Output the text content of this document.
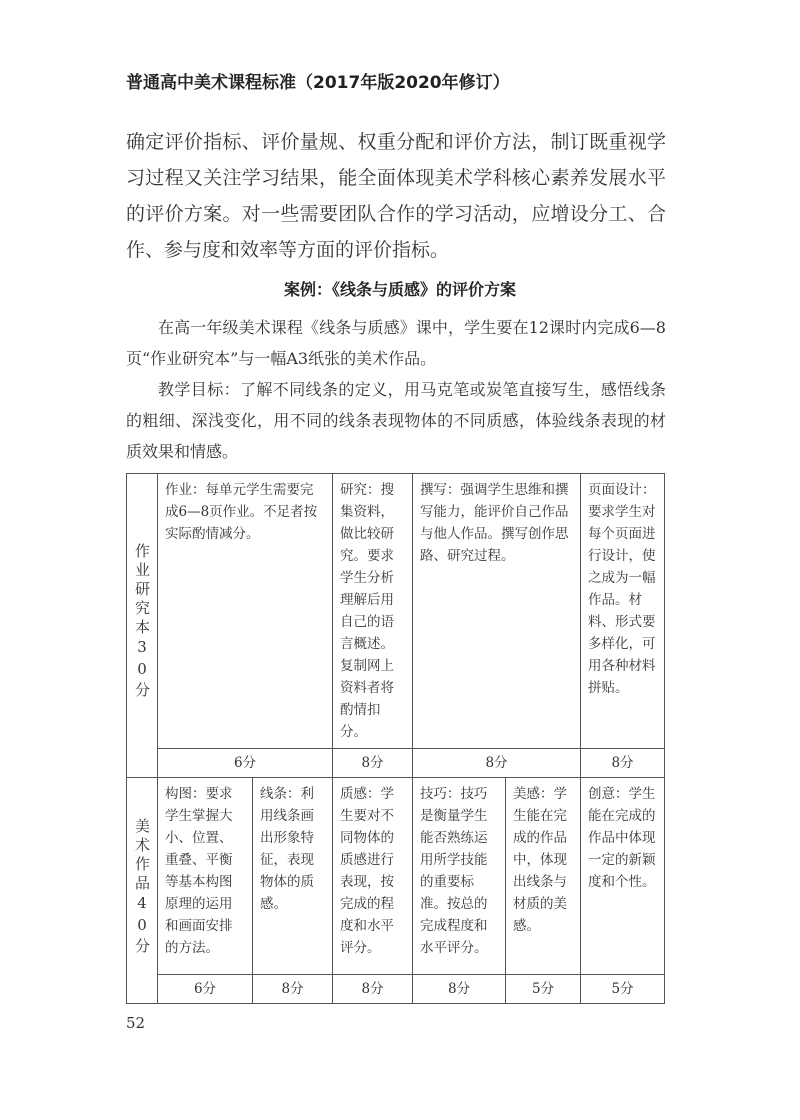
普通高中美术课程标准（2017年版2020年修订）

确定评价指标、评价量规、权重分配和评价方法，制订既重视学习过程又关注学习结果，能全面体现美术学科核心素养发展水平的评价方案。对一些需要团队合作的学习活动，应增设分工、合作、参与度和效率等方面的评价指标。

案例：《线条与质感》的评价方案

在高一年级美术课程《线条与质感》课中，学生要在12课时内完成6—8页“作业研究本”与一幅A3纸张的美术作品。

教学目标：了解不同线条的定义，用马克笔或炭笔直接写生，感悟线条的粗细、深浅变化，用不同的线条表现物体的不同质感，体验线条表现的材质效果和情感。

作业研究本30分	作业：每单元学生需要完成6—8页作业。不足者按实际酌情减分。		研究：搜集资料，做比较研究。要求学生分析理解后用自己的语言概述。复制网上资料者将酌情扣分。	撰写：强调学生思维和撰写能力，能评价自己作品与他人作品。撰写创作思路、研究过程。		页面设计：要求学生对每个页面进行设计，使之成为一幅作品。材料、形式要多样化，可用各种材料拼贴。
	6分		8分	8分		8分
美术作品40分	构图：要求学生掌握大小、位置、重叠、平衡等基本构图原理的运用和画面安排的方法。	线条：利用线条画出形象特征，表现物体的质感。	质感：学生要对不同物体的质感进行表现，按完成的程度和水平评分。	技巧：技巧是衡量学生能否熟练运用所学技能的重要标准。按总的完成程度和水平评分。	美感：学生能在完成的作品中，体现出线条与材质的美感。	创意：学生能在完成的作品中体现一定的新颖度和个性。
	6分	8分	8分	8分	5分	5分
52
